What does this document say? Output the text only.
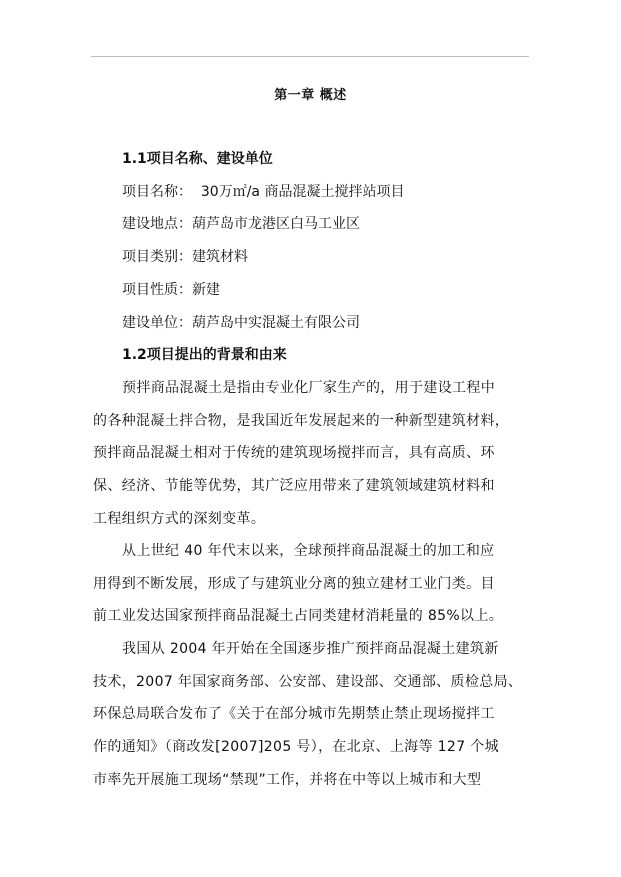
第一章 概述
1.1项目名称、建设单位
项目名称：  30万㎡/a 商品混凝土搅拌站项目
建设地点：葫芦岛市龙港区白马工业区
项目类别：建筑材料
项目性质：新建
建设单位：葫芦岛中实混凝土有限公司
1.2项目提出的背景和由来
预拌商品混凝土是指由专业化厂家生产的，用于建设工程中
的各种混凝土拌合物，是我国近年发展起来的一种新型建筑材料，
预拌商品混凝土相对于传统的建筑现场搅拌而言，具有高质、环
保、经济、节能等优势，其广泛应用带来了建筑领域建筑材料和
工程组织方式的深刻变革。
从上世纪 40 年代末以来，全球预拌商品混凝土的加工和应
用得到不断发展，形成了与建筑业分离的独立建材工业门类。目
前工业发达国家预拌商品混凝土占同类建材消耗量的 85%以上。
我国从 2004 年开始在全国逐步推广预拌商品混凝土建筑新
技术，2007 年国家商务部、公安部、建设部、交通部、质检总局、
环保总局联合发布了《关于在部分城市先期禁止禁止现场搅拌工
作的通知》（商改发[2007]205 号），在北京、上海等 127 个城
市率先开展施工现场“禁现”工作，并将在中等以上城市和大型
